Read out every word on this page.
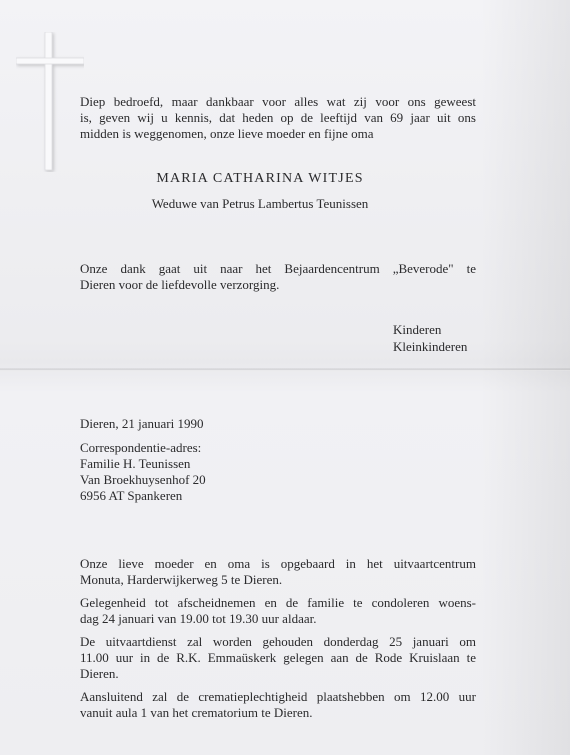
Diep bedroefd, maar dankbaar voor alles wat zij voor ons geweest
is, geven wij u kennis, dat heden op de leeftijd van 69 jaar uit ons
midden is weggenomen, onze lieve moeder en fijne oma
MARIA CATHARINA WITJES
Weduwe van Petrus Lambertus Teunissen
Onze dank gaat uit naar het Bejaardencentrum „Beverode" te
Dieren voor de liefdevolle verzorging.
Kinderen
Kleinkinderen
Dieren, 21 januari 1990
Correspondentie-adres:
Familie H. Teunissen
Van Broekhuysenhof 20
6956 AT Spankeren
Onze lieve moeder en oma is opgebaard in het uitvaartcentrum
Monuta, Harderwijkerweg 5 te Dieren.
Gelegenheid tot afscheidnemen en de familie te condoleren woens-
dag 24 januari van 19.00 tot 19.30 uur aldaar.
De uitvaartdienst zal worden gehouden donderdag 25 januari om
11.00 uur in de R.K. Emmaüskerk gelegen aan de Rode Kruislaan te
Dieren.
Aansluitend zal de crematieplechtigheid plaatshebben om 12.00 uur
vanuit aula 1 van het crematorium te Dieren.
